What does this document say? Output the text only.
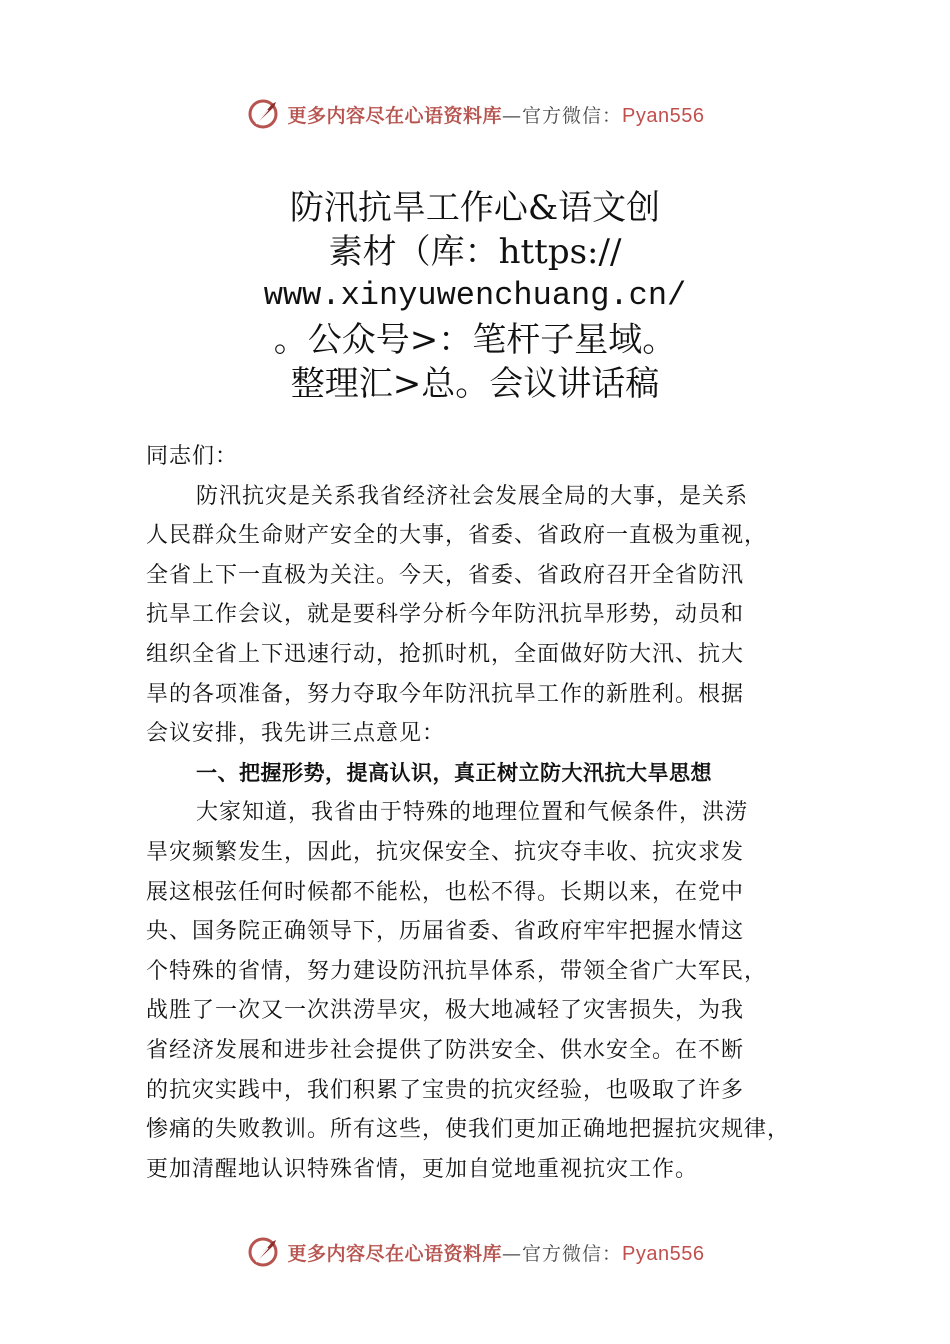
更多内容尽在心语资料库—官方微信：Pyan556
防汛抗旱工作心&语文创
素材（库：https://
www.xinyuwenchuang.cn/
。公众号>：笔杆子星域。
整理汇>总。会议讲话稿
同志们：
防汛抗灾是关系我省经济社会发展全局的大事，是关系
人民群众生命财产安全的大事，省委、省政府一直极为重视，
全省上下一直极为关注。今天，省委、省政府召开全省防汛
抗旱工作会议，就是要科学分析今年防汛抗旱形势，动员和
组织全省上下迅速行动，抢抓时机，全面做好防大汛、抗大
旱的各项准备，努力夺取今年防汛抗旱工作的新胜利。根据
会议安排，我先讲三点意见：
一、把握形势，提高认识，真正树立防大汛抗大旱思想
大家知道，我省由于特殊的地理位置和气候条件，洪涝
旱灾频繁发生，因此，抗灾保安全、抗灾夺丰收、抗灾求发
展这根弦任何时候都不能松，也松不得。长期以来，在党中
央、国务院正确领导下，历届省委、省政府牢牢把握水情这
个特殊的省情，努力建设防汛抗旱体系，带领全省广大军民，
战胜了一次又一次洪涝旱灾，极大地减轻了灾害损失，为我
省经济发展和进步社会提供了防洪安全、供水安全。在不断
的抗灾实践中，我们积累了宝贵的抗灾经验，也吸取了许多
惨痛的失败教训。所有这些，使我们更加正确地把握抗灾规律，
更加清醒地认识特殊省情，更加自觉地重视抗灾工作。
更多内容尽在心语资料库—官方微信：Pyan556
